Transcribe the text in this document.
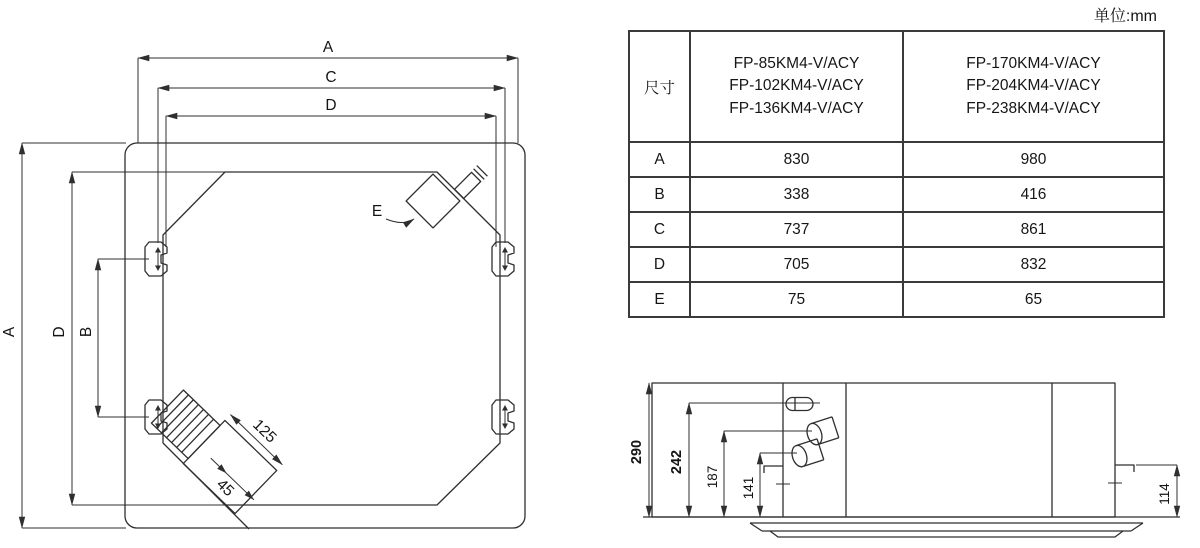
A
C
D
A D B
E
125
45
290 242
187 141	114
单位:mm
尺寸	
FP-85KM4-V/ACY
FP-102KM4-V/ACY
FP-136KM4-V/ACY

FP-170KM4-V/ACY
FP-204KM4-V/ACY
FP-238KM4-V/ACY

A	830	980
B	338	416
C	737	861
D	705	832
E	75	65
